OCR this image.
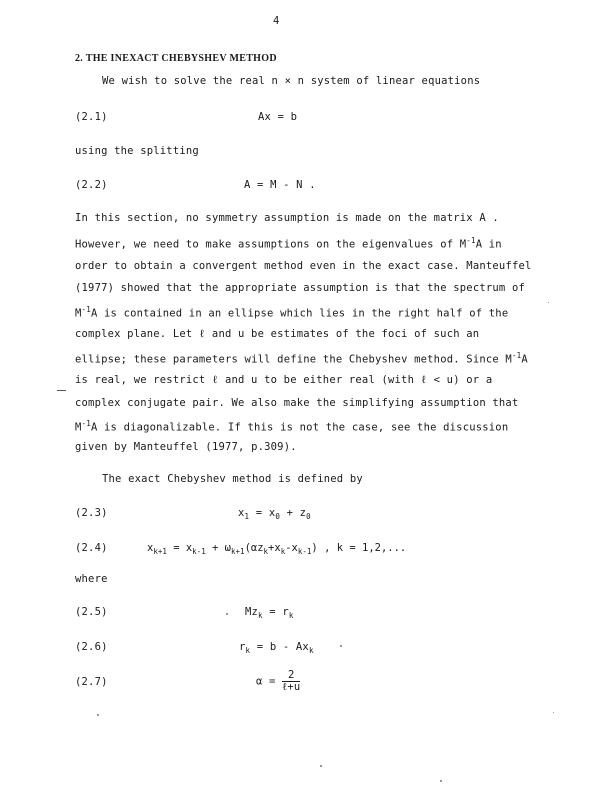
4
2. THE INEXACT CHEBYSHEV METHOD
We wish to solve the real n × n system of linear equations
(2.1)	Ax = b
using the splitting
(2.2)	A = M - N .
In this section, no symmetry assumption is made on the matrix A .
However, we need to make assumptions on the eigenvalues of $M^{-1}A$ in
order to obtain a convergent method even in the exact case. Manteuffel
(1977) showed that the appropriate assumption is that the spectrum of
$M^{-1}A$ is contained in an ellipse which lies in the right half of the
complex plane. Let ℓ and u be estimates of the foci of such an
ellipse; these parameters will define the Chebyshev method. Since $M^{-1}A$
is real, we restrict ℓ and u to be either real (with ℓ < u) or a
complex conjugate pair. We also make the simplifying assumption that
$M^{-1}A$ is diagonalizable. If this is not the case, see the discussion
given by Manteuffel (1977, p.309).
The exact Chebyshev method is defined by
(2.3)	$x_1 = x_0 + z_0$
(2.4)	$x_{k+1} = x_{k-1} + \omega_{k+1}(\alpha z_k+x_k-x_{k-1})$ , k = 1,2,...
where
(2.5)	$Mz_k = r_k$
(2.6)	$r_k = b - Ax_k$
(2.7)	$\alpha = \frac{2}{\text{ℓ+u}}$
